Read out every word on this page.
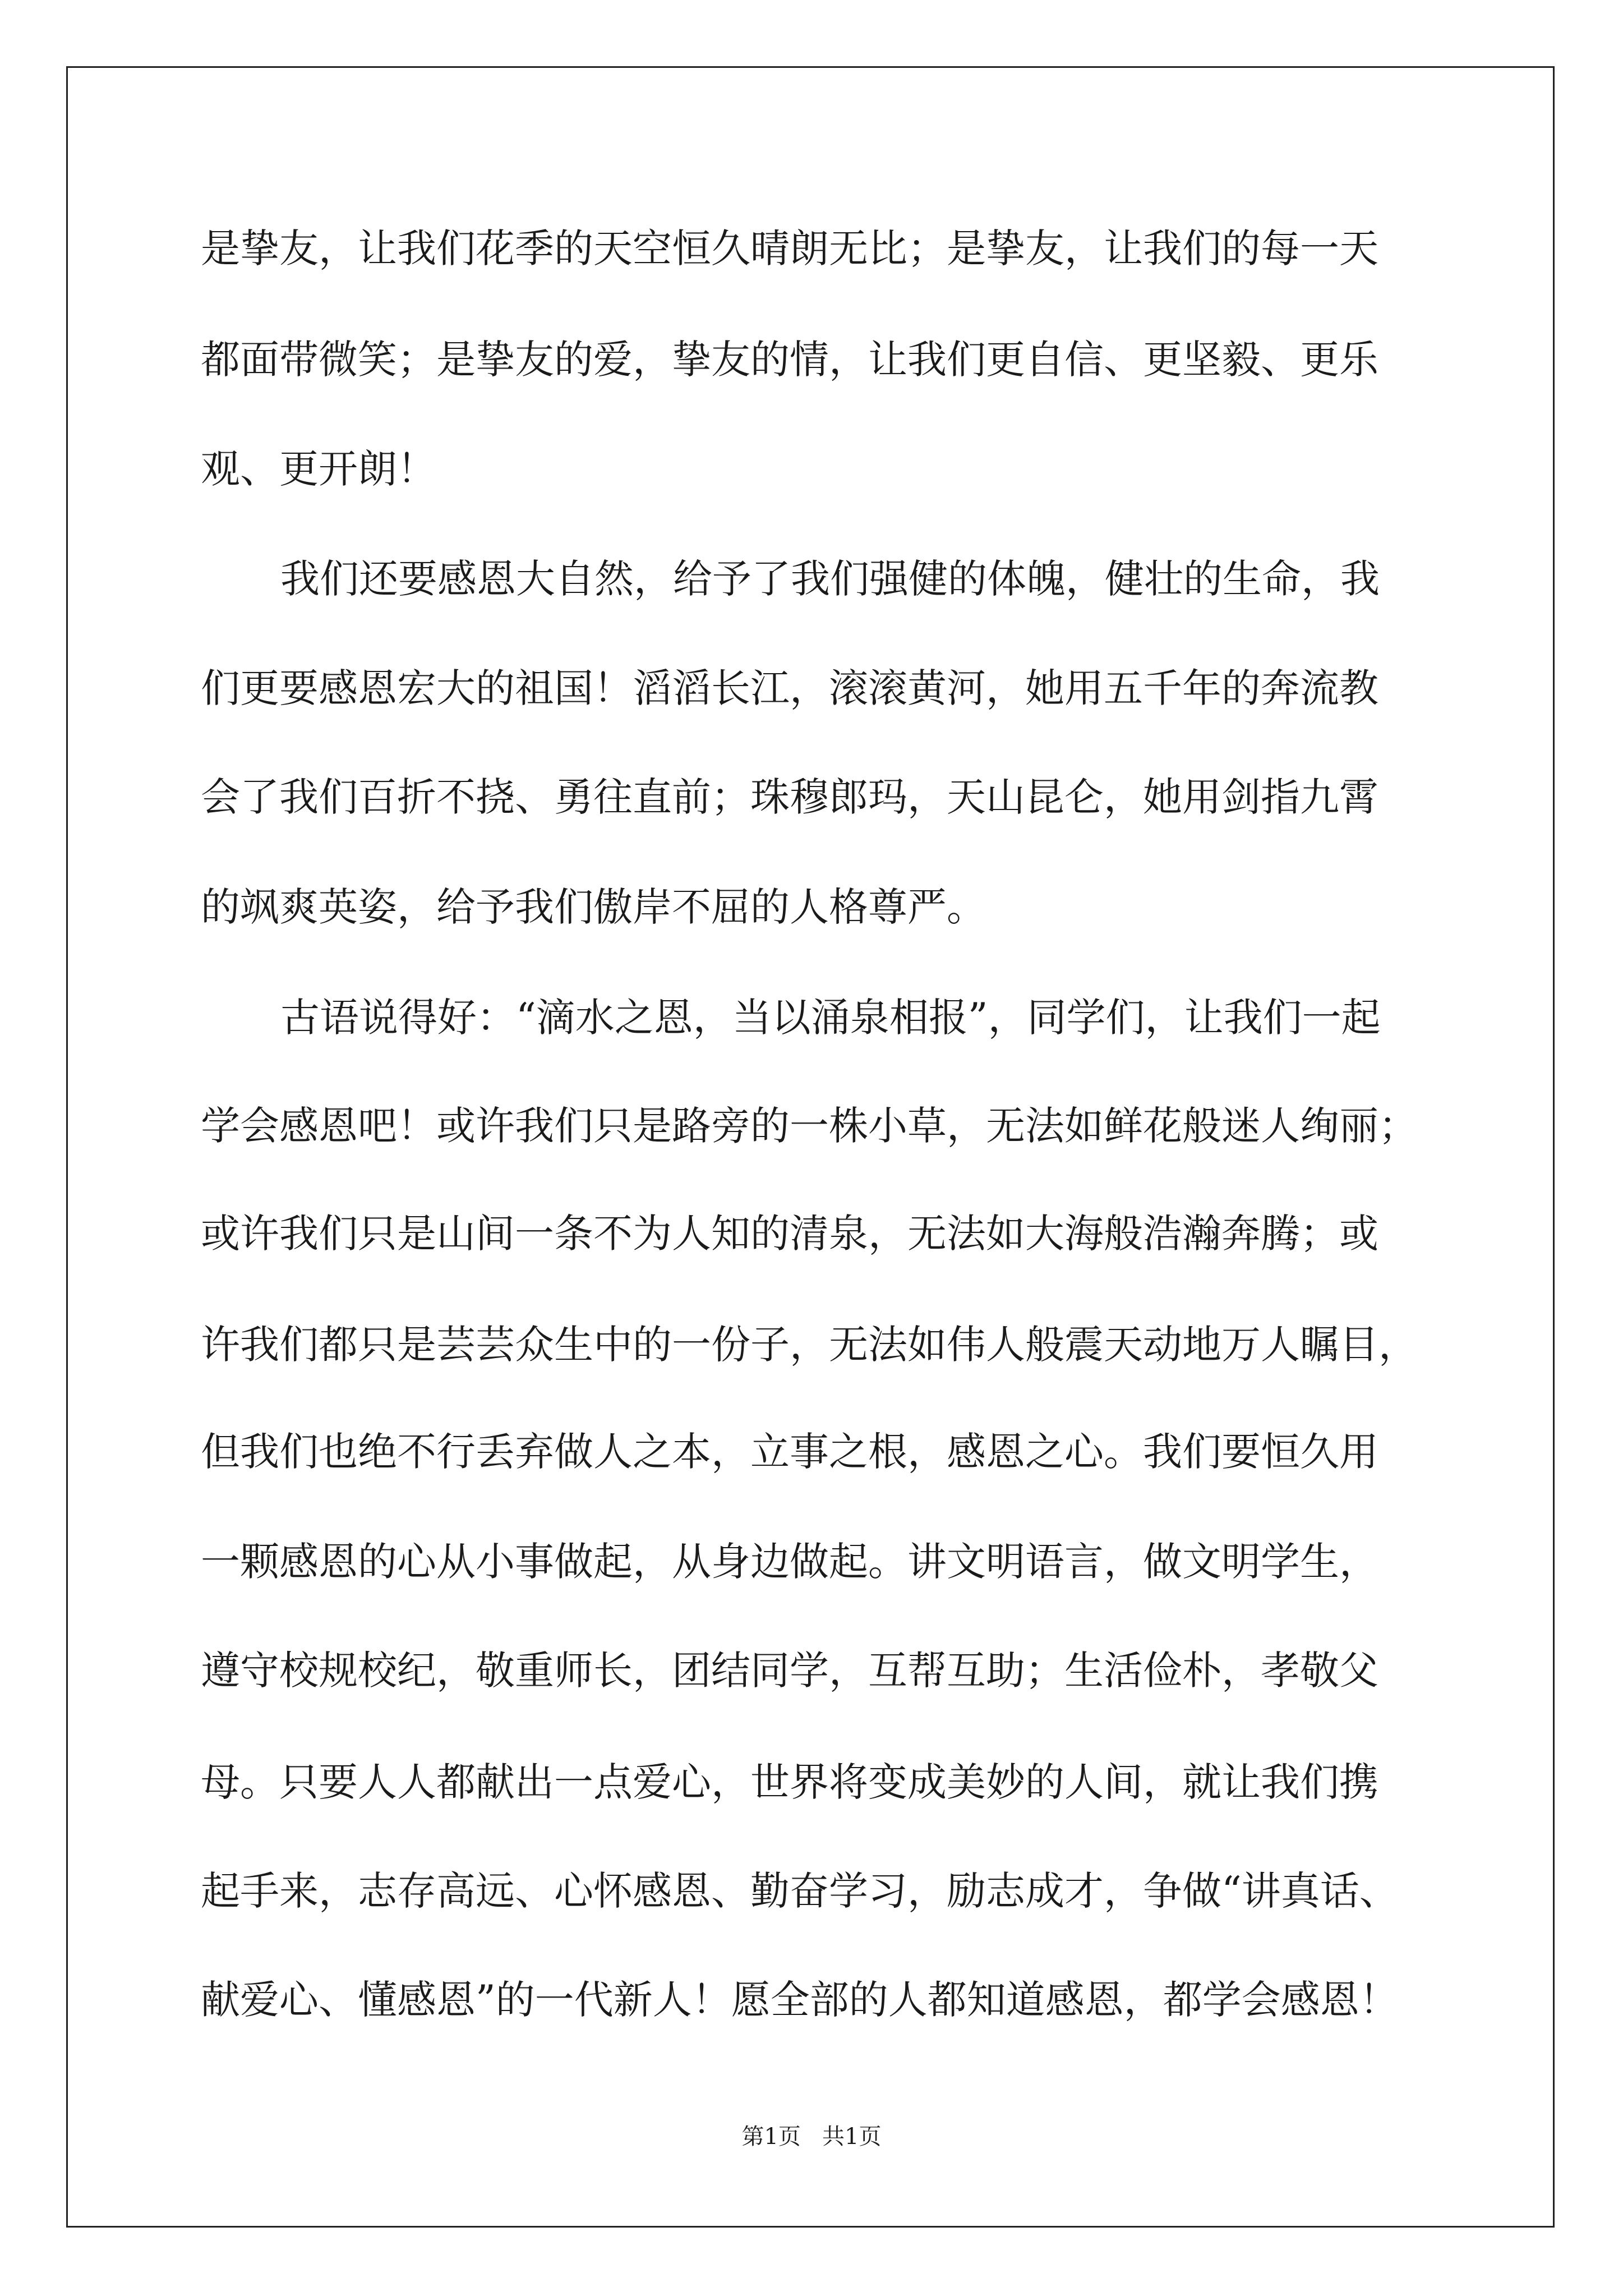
是挚友，让我们花季的天空恒久晴朗无比；是挚友，让我们的每一天

都面带微笑；是挚友的爱，挚友的情，让我们更自信、更坚毅、更乐

观、更开朗！

我们还要感恩大自然，给予了我们强健的体魄，健壮的生命，我

们更要感恩宏大的祖国！滔滔长江，滚滚黄河，她用五千年的奔流教

会了我们百折不挠、勇往直前；珠穆郎玛，天山昆仑，她用剑指九霄

的飒爽英姿，给予我们傲岸不屈的人格尊严。

古语说得好：“滴水之恩，当以涌泉相报”，同学们，让我们一起

学会感恩吧！或许我们只是路旁的一株小草，无法如鲜花般迷人绚丽；

或许我们只是山间一条不为人知的清泉，无法如大海般浩瀚奔腾；或

许我们都只是芸芸众生中的一份子，无法如伟人般震天动地万人瞩目，

但我们也绝不行丢弃做人之本，立事之根，感恩之心。我们要恒久用

一颗感恩的心从小事做起，从身边做起。讲文明语言，做文明学生，

遵守校规校纪，敬重师长，团结同学，互帮互助；生活俭朴，孝敬父

母。只要人人都献出一点爱心，世界将变成美妙的人间，就让我们携

起手来，志存高远、心怀感恩、勤奋学习，励志成才，争做“讲真话、

献爱心、懂感恩”的一代新人！愿全部的人都知道感恩，都学会感恩！

第1页   共1页
